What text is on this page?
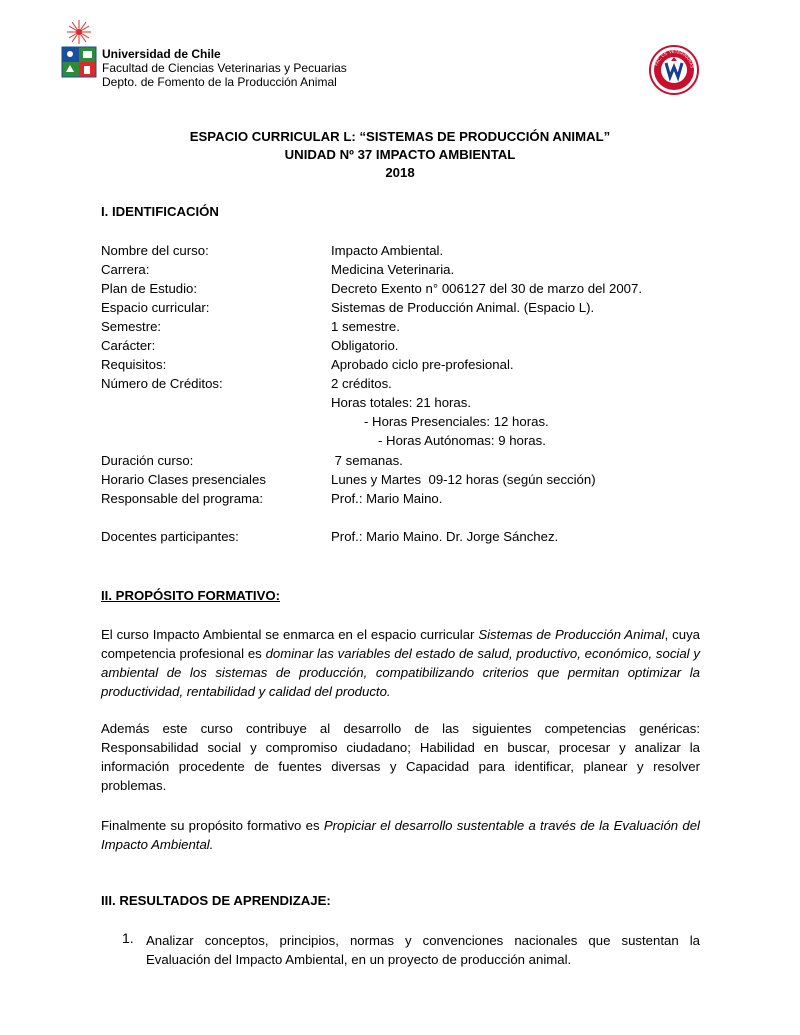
Universidad de Chile
Facultad de Ciencias Veterinarias y Pecuarias
Depto. de Fomento de la Producción Animal
FAC. CS. VETERINARIAS
ESPACIO CURRICULAR L: “SISTEMAS DE PRODUCCIÓN ANIMAL”
UNIDAD Nº 37 IMPACTO AMBIENTAL
2018
I. IDENTIFICACIÓN
Nombre del curso:	Impacto Ambiental.
Carrera:	Medicina Veterinaria.
Plan de Estudio:	Decreto Exento n° 006127 del 30 de marzo del 2007.
Espacio curricular:	Sistemas de Producción Animal. (Espacio L).
Semestre:	1 semestre.
Carácter:	Obligatorio.
Requisitos:	Aprobado ciclo pre-profesional.
Número de Créditos:	2 créditos.
Horas totales: 21 horas.
- Horas Presenciales: 12 horas.
- Horas Autónomas: 9 horas.
Duración curso:	7 semanas.
Horario Clases presenciales	Lunes y Martes  09-12 horas (según sección)
Responsable del programa:	Prof.: Mario Maino.
Docentes participantes:	Prof.: Mario Maino. Dr. Jorge Sánchez.
II. PROPÓSITO FORMATIVO:
El curso Impacto Ambiental se enmarca en el espacio curricular Sistemas de Producción Animal, cuya competencia profesional es dominar las variables del estado de salud, productivo, económico, social y ambiental de los sistemas de producción, compatibilizando criterios que permitan optimizar la productividad, rentabilidad y calidad del producto.
Además este curso contribuye al desarrollo de las siguientes competencias genéricas: Responsabilidad social y compromiso ciudadano; Habilidad en buscar, procesar y analizar la información procedente de fuentes diversas y Capacidad para identificar, planear y resolver problemas.
Finalmente su propósito formativo es Propiciar el desarrollo sustentable a través de la Evaluación del Impacto Ambiental.
III. RESULTADOS DE APRENDIZAJE:
1. Analizar conceptos, principios, normas y convenciones nacionales que sustentan la Evaluación del Impacto Ambiental, en un proyecto de producción animal.
